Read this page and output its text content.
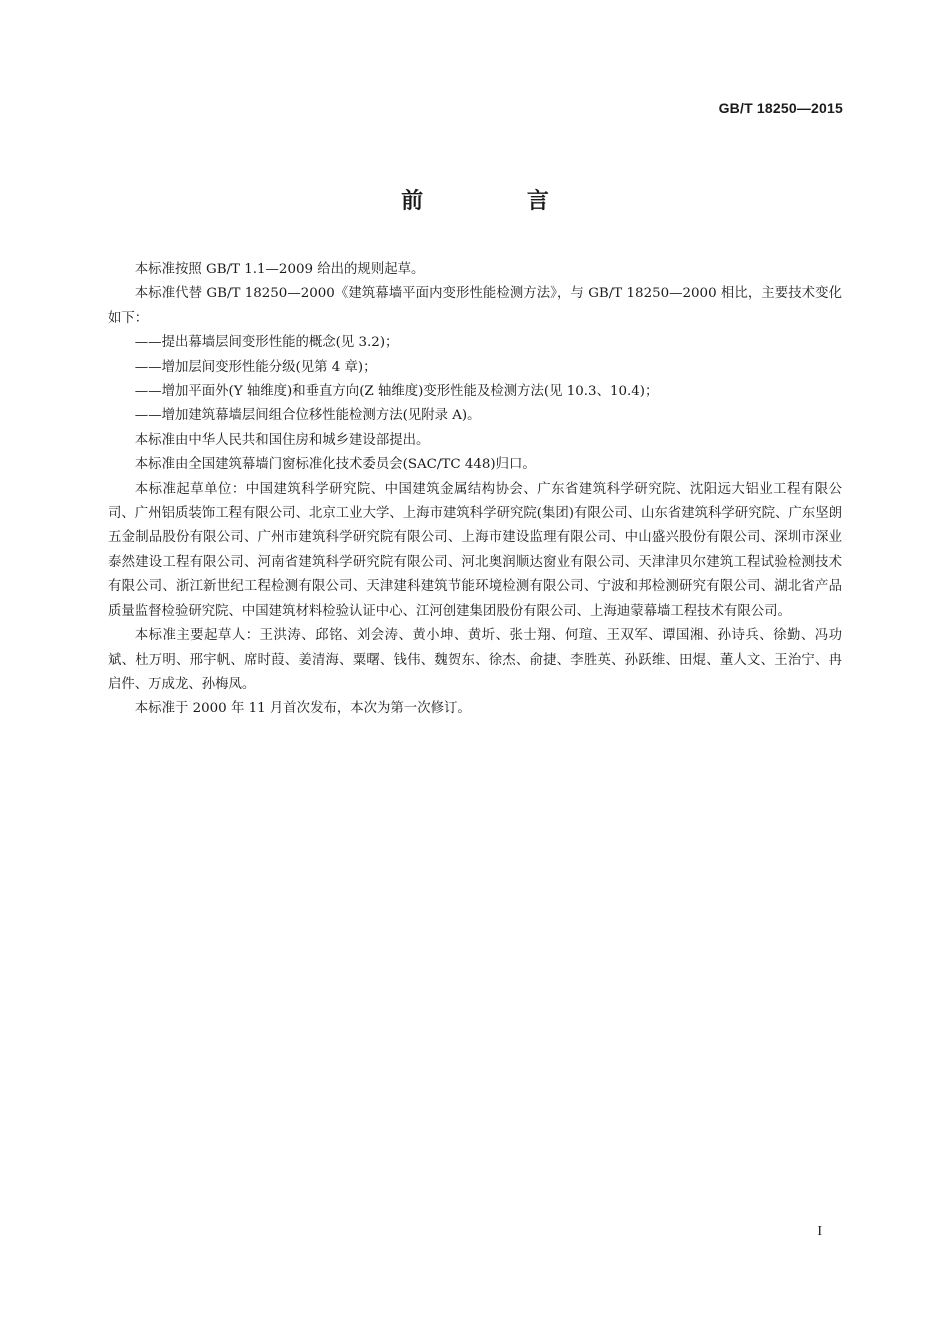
GB/T 18250—2015
前 言

本标准按照 GB/T 1.1—2009 给出的规则起草。

本标准代替 GB/T 18250—2000《建筑幕墙平面内变形性能检测方法》，与 GB/T 18250—2000 相比，主要技术变化如下：

——提出幕墙层间变形性能的概念(见 3.2)；

——增加层间变形性能分级(见第 4 章)；

——增加平面外(Y 轴维度)和垂直方向(Z 轴维度)变形性能及检测方法(见 10.3、10.4)；

——增加建筑幕墙层间组合位移性能检测方法(见附录 A)。

本标准由中华人民共和国住房和城乡建设部提出。

本标准由全国建筑幕墙门窗标准化技术委员会(SAC/TC 448)归口。

本标准起草单位：中国建筑科学研究院、中国建筑金属结构协会、广东省建筑科学研究院、沈阳远大铝业工程有限公司、广州铝质装饰工程有限公司、北京工业大学、上海市建筑科学研究院(集团)有限公司、山东省建筑科学研究院、广东坚朗五金制品股份有限公司、广州市建筑科学研究院有限公司、上海市建设监理有限公司、中山盛兴股份有限公司、深圳市深业泰然建设工程有限公司、河南省建筑科学研究院有限公司、河北奥润顺达窗业有限公司、天津津贝尔建筑工程试验检测技术有限公司、浙江新世纪工程检测有限公司、天津建科建筑节能环境检测有限公司、宁波和邦检测研究有限公司、湖北省产品质量监督检验研究院、中国建筑材料检验认证中心、江河创建集团股份有限公司、上海迪蒙幕墙工程技术有限公司。

本标准主要起草人：王洪涛、邱铭、刘会涛、黄小坤、黄圻、张士翔、何瑄、王双军、谭国湘、孙诗兵、徐勤、冯功斌、杜万明、邢宇帆、席时葭、姜清海、粟曙、钱伟、魏贺东、徐杰、俞捷、李胜英、孙跃维、田焜、董人文、王治宁、冉启件、万成龙、孙梅凤。

本标准于 2000 年 11 月首次发布，本次为第一次修订。

I
